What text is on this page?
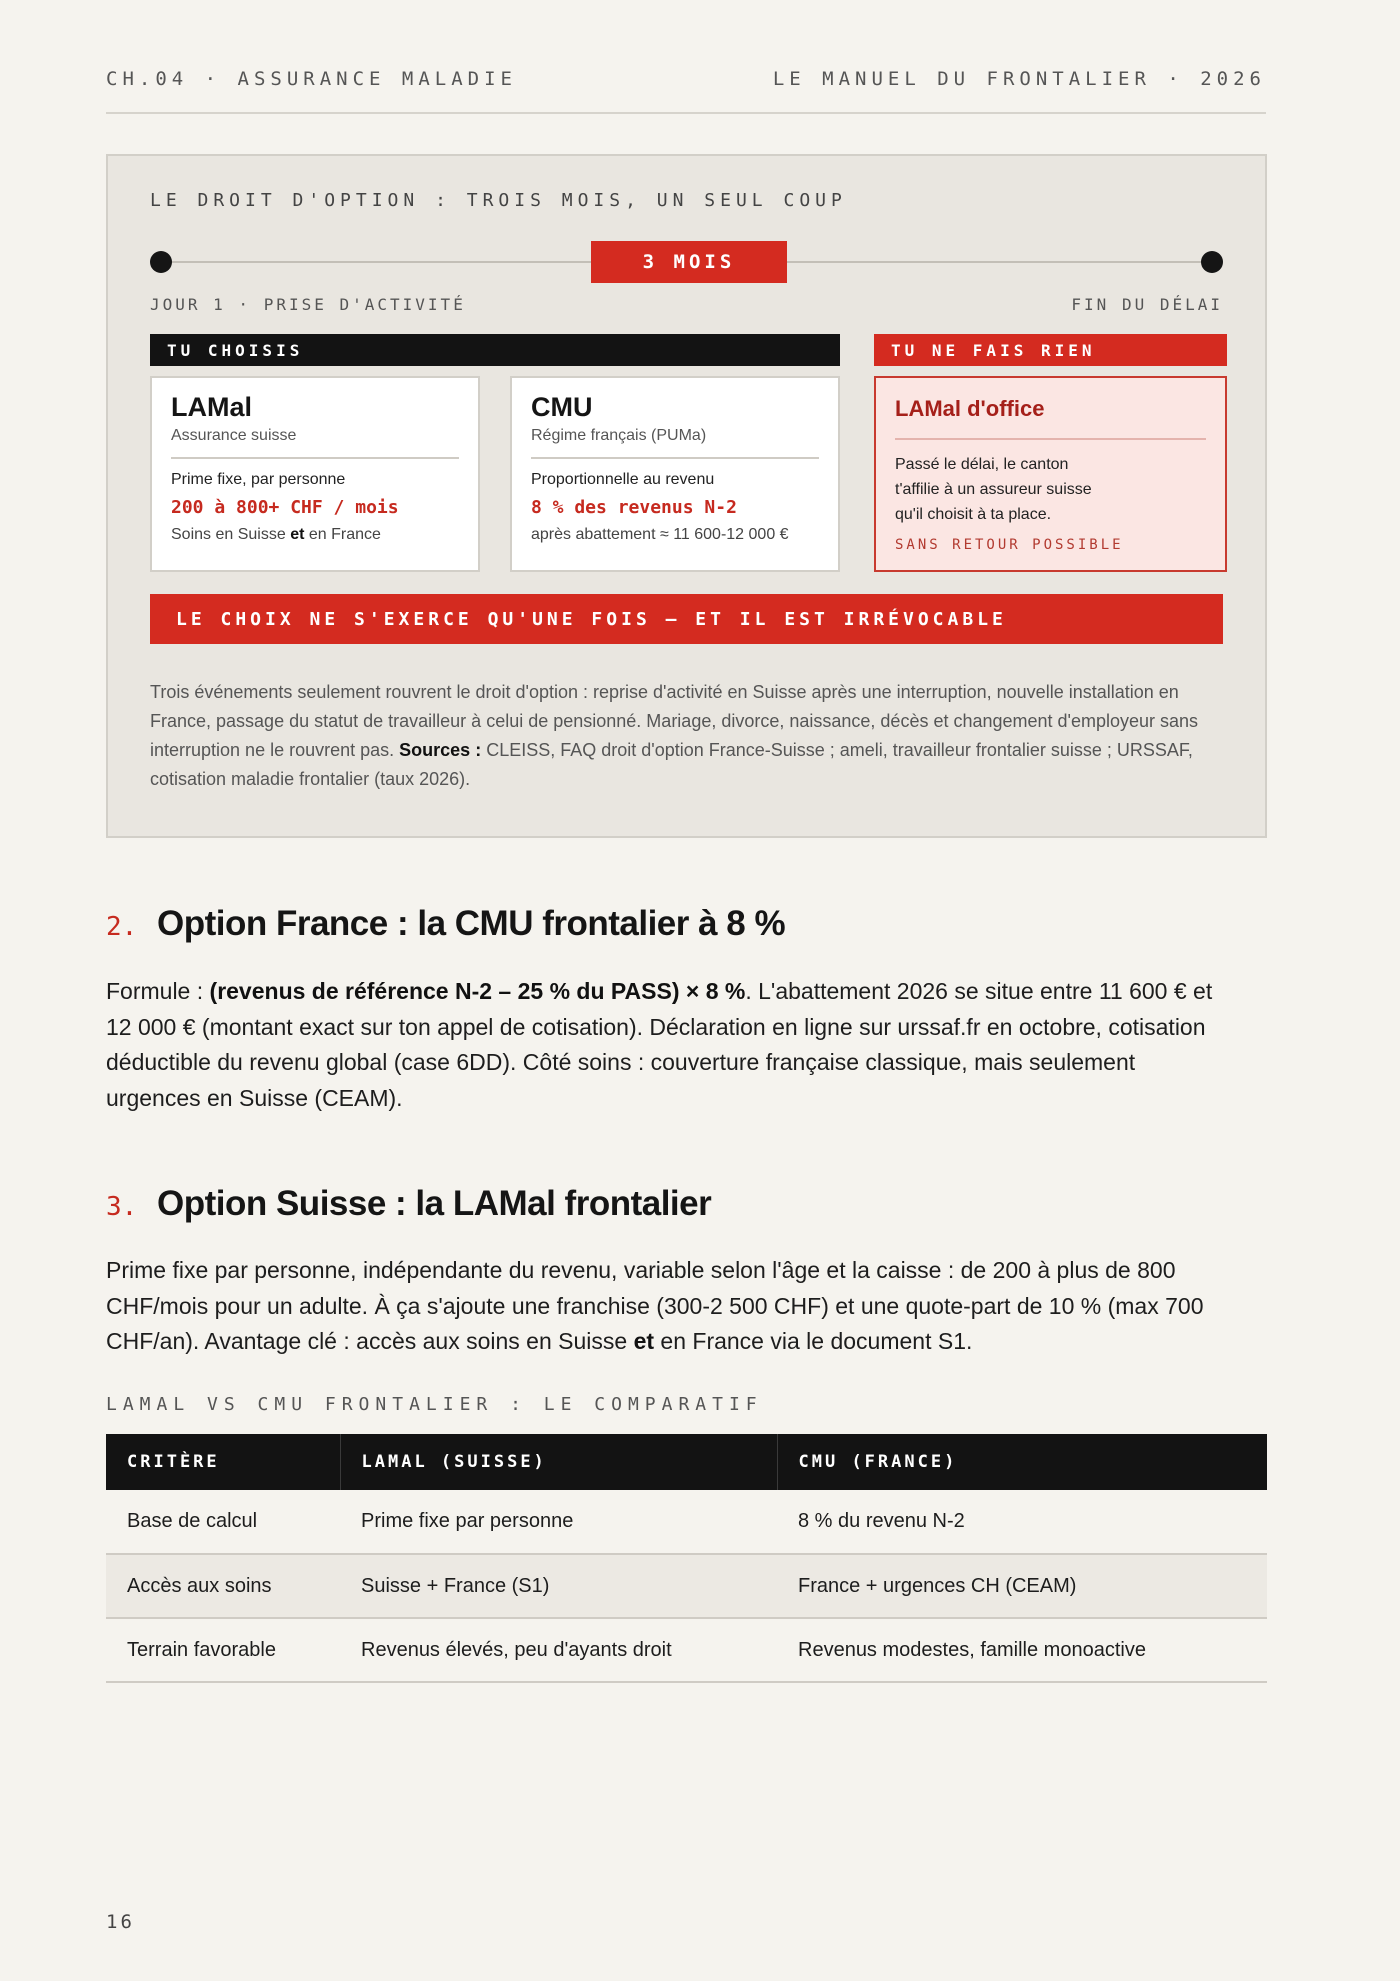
CH.04 · ASSURANCE MALADIE	LE MANUEL DU FRONTALIER · 2026
LE DROIT D'OPTION : TROIS MOIS, UN SEUL COUP
3 MOIS
JOUR 1 · PRISE D'ACTIVITÉ	FIN DU DÉLAI
TU CHOISIS
LAMal
Assurance suisse
Prime fixe, par personne
200 à 800+ CHF / mois
Soins en Suisse et en France
CMU
Régime français (PUMa)
Proportionnelle au revenu
8 % des revenus N-2
après abattement ≈ 11 600-12 000 €
TU NE FAIS RIEN
LAMal d'office
Passé le délai, le canton t'affilie à un assureur suisse qu'il choisit à ta place.
SANS RETOUR POSSIBLE
LE CHOIX NE S'EXERCE QU'UNE FOIS — ET IL EST IRRÉVOCABLE
Trois événements seulement rouvrent le droit d'option : reprise d'activité en Suisse après une interruption, nouvelle installation en France, passage du statut de travailleur à celui de pensionné. Mariage, divorce, naissance, décès et changement d'employeur sans interruption ne le rouvrent pas. Sources : CLEISS, FAQ droit d'option France-Suisse ; ameli, travailleur frontalier suisse ; URSSAF, cotisation maladie frontalier (taux 2026).
2. Option France : la CMU frontalier à 8 %
Formule : (revenus de référence N-2 – 25 % du PASS) × 8 %. L'abattement 2026 se situe entre 11 600 € et 12 000 € (montant exact sur ton appel de cotisation). Déclaration en ligne sur urssaf.fr en octobre, cotisation déductible du revenu global (case 6DD). Côté soins : couverture française classique, mais seulement urgences en Suisse (CEAM).
3. Option Suisse : la LAMal frontalier
Prime fixe par personne, indépendante du revenu, variable selon l'âge et la caisse : de 200 à plus de 800 CHF/mois pour un adulte. À ça s'ajoute une franchise (300-2 500 CHF) et une quote-part de 10 % (max 700 CHF/an). Avantage clé : accès aux soins en Suisse et en France via le document S1.
LAMAL VS CMU FRONTALIER : LE COMPARATIF
CRITÈRE	LAMAL (SUISSE)	CMU (FRANCE)
Base de calcul	Prime fixe par personne	8 % du revenu N-2
Accès aux soins	Suisse + France (S1)	France + urgences CH (CEAM)
Terrain favorable	Revenus élevés, peu d'ayants droit	Revenus modestes, famille monoactive
16
